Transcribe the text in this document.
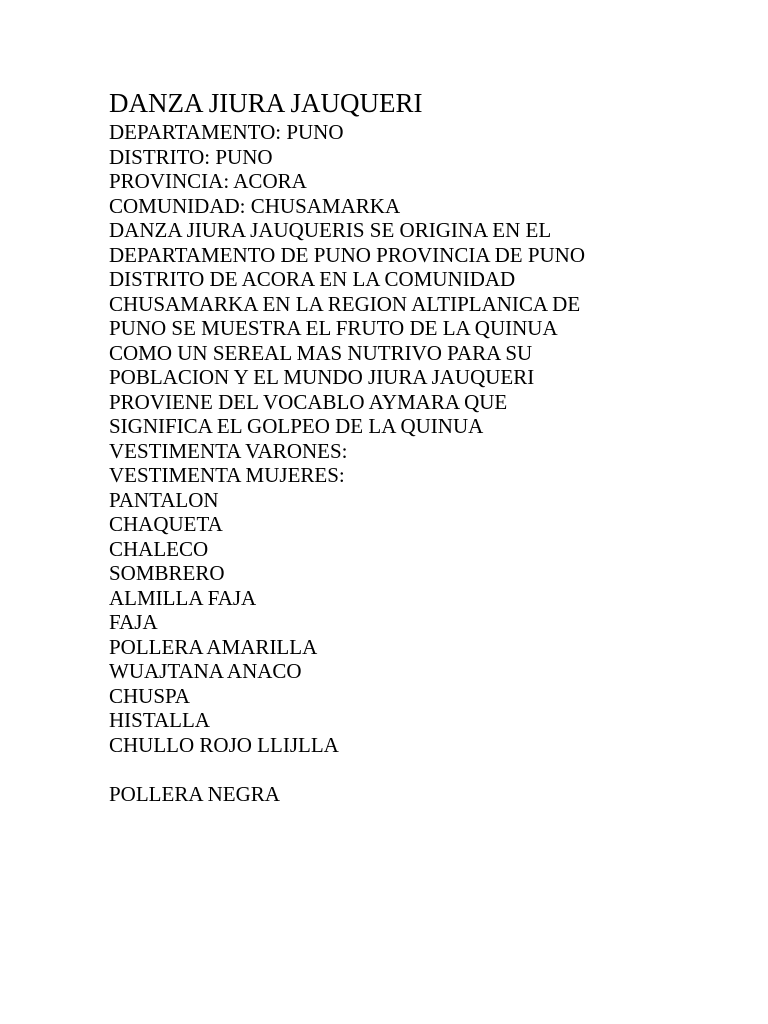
DANZA JIURA JAUQUERI

DEPARTAMENTO: PUNO

DISTRITO: PUNO

PROVINCIA: ACORA

COMUNIDAD: CHUSAMARKA

DANZA JIURA JAUQUERIS SE ORIGINA EN EL

DEPARTAMENTO DE PUNO PROVINCIA DE PUNO

DISTRITO DE ACORA EN LA COMUNIDAD

CHUSAMARKA EN LA REGION ALTIPLANICA DE

PUNO SE MUESTRA EL FRUTO DE LA QUINUA

COMO UN SEREAL MAS NUTRIVO PARA SU

POBLACION Y EL MUNDO JIURA JAUQUERI

PROVIENE DEL VOCABLO AYMARA QUE

SIGNIFICA EL GOLPEO DE LA QUINUA

VESTIMENTA VARONES:

VESTIMENTA MUJERES:

PANTALON

CHAQUETA

CHALECO

SOMBRERO

ALMILLA FAJA

FAJA

POLLERA AMARILLA

WUAJTANA ANACO

CHUSPA

HISTALLA

CHULLO ROJO LLIJLLA

POLLERA NEGRA
